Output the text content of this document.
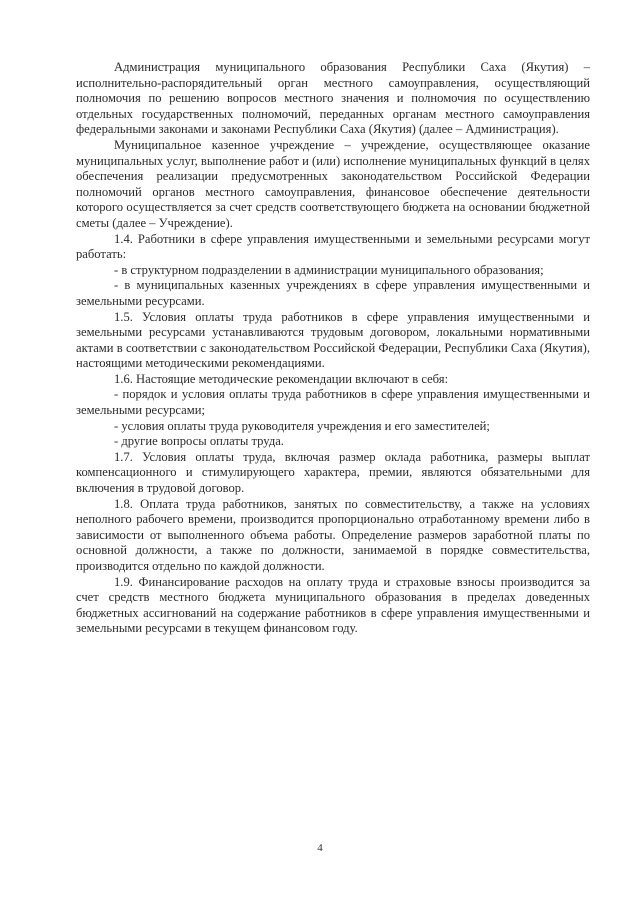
Администрация муниципального образования Республики Саха (Якутия) – исполнительно-распорядительный орган местного самоуправления, осуществляющий полномочия по решению вопросов местного значения и полномочия по осуществлению отдельных государственных полномочий, переданных органам местного самоуправления федеральными законами и законами Республики Саха (Якутия) (далее – Администрация).

Муниципальное казенное учреждение – учреждение, осуществляющее оказание муниципальных услуг, выполнение работ и (или) исполнение муниципальных функций в целях обеспечения реализации предусмотренных законодательством Российской Федерации полномочий органов местного самоуправления, финансовое обеспечение деятельности которого осуществляется за счет средств соответствующего бюджета на основании бюджетной сметы (далее – Учреждение).

1.4. Работники в сфере управления имущественными и земельными ресурсами могут работать:

- в структурном подразделении в администрации муниципального образования;

- в муниципальных казенных учреждениях в сфере управления имущественными и земельными ресурсами.

1.5. Условия оплаты труда работников в сфере управления имущественными и земельными ресурсами устанавливаются трудовым договором, локальными нормативными актами в соответствии с законодательством Российской Федерации, Республики Саха (Якутия), настоящими методическими рекомендациями.

1.6. Настоящие методические рекомендации включают в себя:

- порядок и условия оплаты труда работников в сфере управления имущественными и земельными ресурсами;

- условия оплаты труда руководителя учреждения и его заместителей;

- другие вопросы оплаты труда.

1.7. Условия оплаты труда, включая размер оклада работника, размеры выплат компенсационного и стимулирующего характера, премии, являются обязательными для включения в трудовой договор.

1.8. Оплата труда работников, занятых по совместительству, а также на условиях неполного рабочего времени, производится пропорционально отработанному времени либо в зависимости от выполненного объема работы. Определение размеров заработной платы по основной должности, а также по должности, занимаемой в порядке совместительства, производится отдельно по каждой должности.

1.9. Финансирование расходов на оплату труда и страховые взносы производится за счет средств местного бюджета муниципального образования в пределах доведенных бюджетных ассигнований на содержание работников в сфере управления имущественными и земельными ресурсами в текущем финансовом году.

4
